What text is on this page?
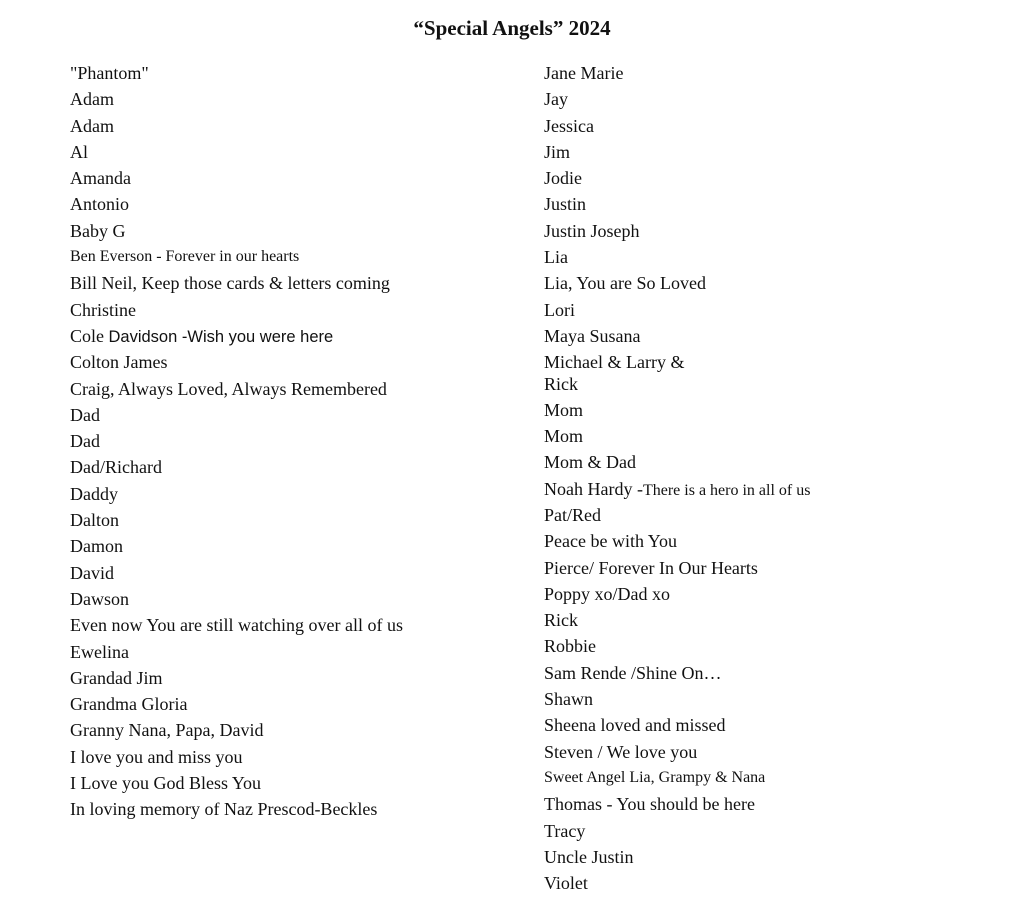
“Special Angels” 2024
"Phantom"
Adam
Adam
Al
Amanda
Antonio
Baby G
Ben Everson - Forever in our hearts
Bill Neil, Keep those cards & letters coming
Christine
Cole Davidson -Wish you were here
Colton James
Craig, Always Loved, Always Remembered
Dad
Dad
Dad/Richard
Daddy
Dalton
Damon
David
Dawson
Even now You are still watching over all of us
Ewelina
Grandad Jim
Grandma Gloria
Granny Nana, Papa, David
I love you and miss you
I Love you God Bless You
In loving memory of Naz Prescod-Beckles
Jane Marie
Jay
Jessica
Jim
Jodie
Justin
Justin Joseph
Lia
Lia, You are So Loved
Lori
Maya Susana
Michael & Larry & Rick
Mom
Mom
Mom & Dad
Noah Hardy -There is a hero in all of us
Pat/Red
Peace be with You
Pierce/ Forever In Our Hearts
Poppy xo/Dad xo
Rick
Robbie
Sam Rende /Shine On…
Shawn
Sheena loved and missed
Steven / We love you
Sweet Angel Lia, Grampy & Nana
Thomas - You should be here
Tracy
Uncle Justin
Violet
